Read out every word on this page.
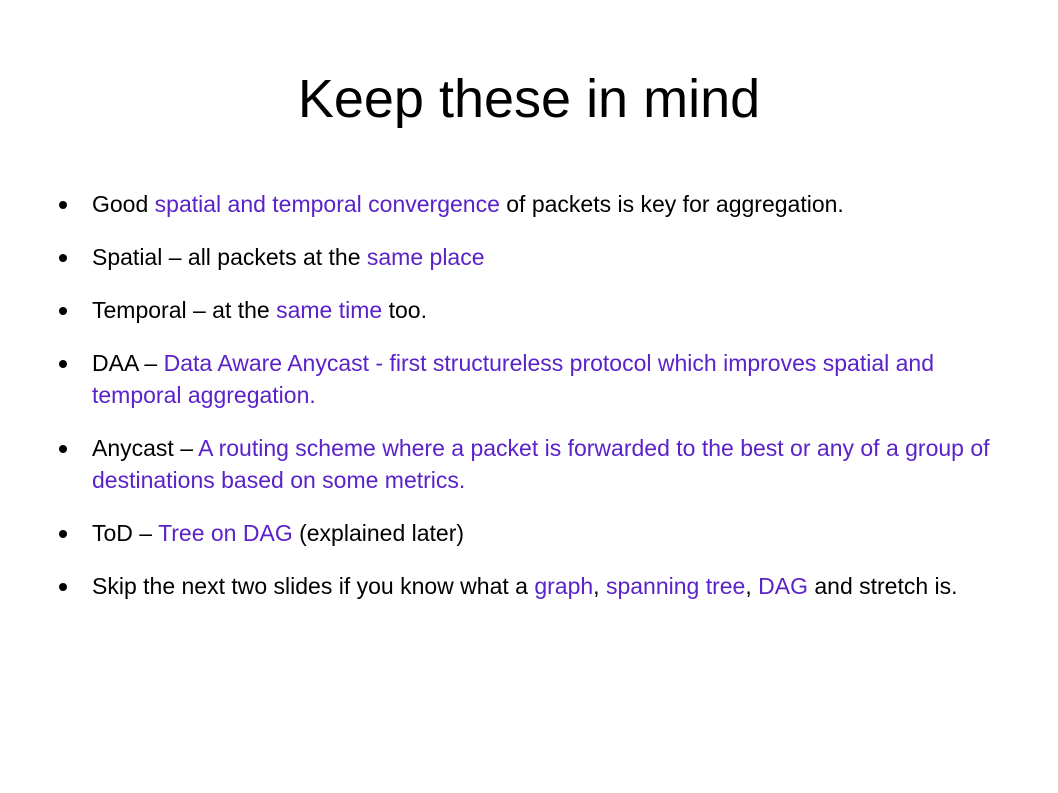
Keep these in mind
Good spatial and temporal convergence of packets is key for aggregation.
Spatial – all packets at the same place
Temporal – at the same time too.
DAA – Data Aware Anycast - first structureless protocol which improves spatial and temporal aggregation.
Anycast – A routing scheme where a packet is forwarded to the best or any of a group of destinations based on some metrics.
ToD – Tree on DAG (explained later)
Skip the next two slides if you know what a graph, spanning tree, DAG and stretch is.
